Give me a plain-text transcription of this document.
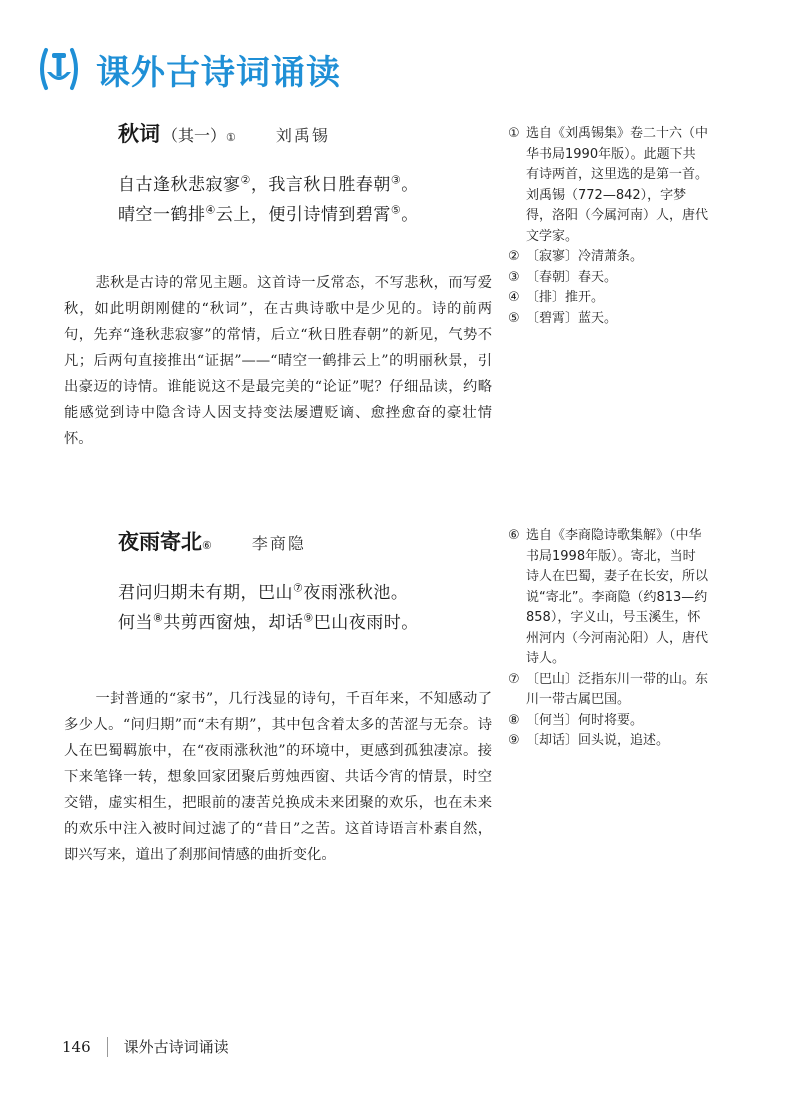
课外古诗词诵读
秋词 （其一） ①	刘禹锡
自古逢秋悲寂寥②，我言秋日胜春朝③。
晴空一鹤排④云上，便引诗情到碧霄⑤。

悲秋是古诗的常见主题。这首诗一反常态，不写悲秋，而写爱秋，如此明朗刚健的“秋词”，在古典诗歌中是少见的。诗的前两句，先弃“逢秋悲寂寥”的常情，后立“秋日胜春朝”的新见，气势不凡；后两句直接推出“证据”——“晴空一鹤排云上”的明丽秋景，引出豪迈的诗情。谁能说这不是最完美的“论证”呢？仔细品读，约略能感觉到诗中隐含诗人因支持变法屡遭贬谪、愈挫愈奋的豪壮情怀。

① 选自《刘禹锡集》卷二十六（中华书局1990年版）。此题下共有诗两首，这里选的是第一首。刘禹锡（772—842），字梦得，洛阳（今属河南）人，唐代文学家。
② 〔寂寥〕冷清萧条。
③ 〔春朝〕春天。
④ 〔排〕推开。
⑤ 〔碧霄〕蓝天。
夜雨寄北 ⑥	李商隐
君问归期未有期，巴山⑦夜雨涨秋池。
何当⑧共剪西窗烛，却话⑨巴山夜雨时。

一封普通的“家书”，几行浅显的诗句，千百年来，不知感动了多少人。“问归期”而“未有期”，其中包含着太多的苦涩与无奈。诗人在巴蜀羁旅中，在“夜雨涨秋池”的环境中，更感到孤独凄凉。接下来笔锋一转，想象回家团聚后剪烛西窗、共话今宵的情景，时空交错，虚实相生，把眼前的凄苦兑换成未来团聚的欢乐，也在未来的欢乐中注入被时间过滤了的“昔日”之苦。这首诗语言朴素自然，即兴写来，道出了刹那间情感的曲折变化。

⑥ 选自《李商隐诗歌集解》（中华书局1998年版）。寄北，当时诗人在巴蜀，妻子在长安，所以说“寄北”。李商隐（约813—约858），字义山，号玉溪生，怀州河内（今河南沁阳）人，唐代诗人。
⑦ 〔巴山〕泛指东川一带的山。东川一带古属巴国。
⑧ 〔何当〕何时将要。
⑨ 〔却话〕回头说，追述。
146 课外古诗词诵读
